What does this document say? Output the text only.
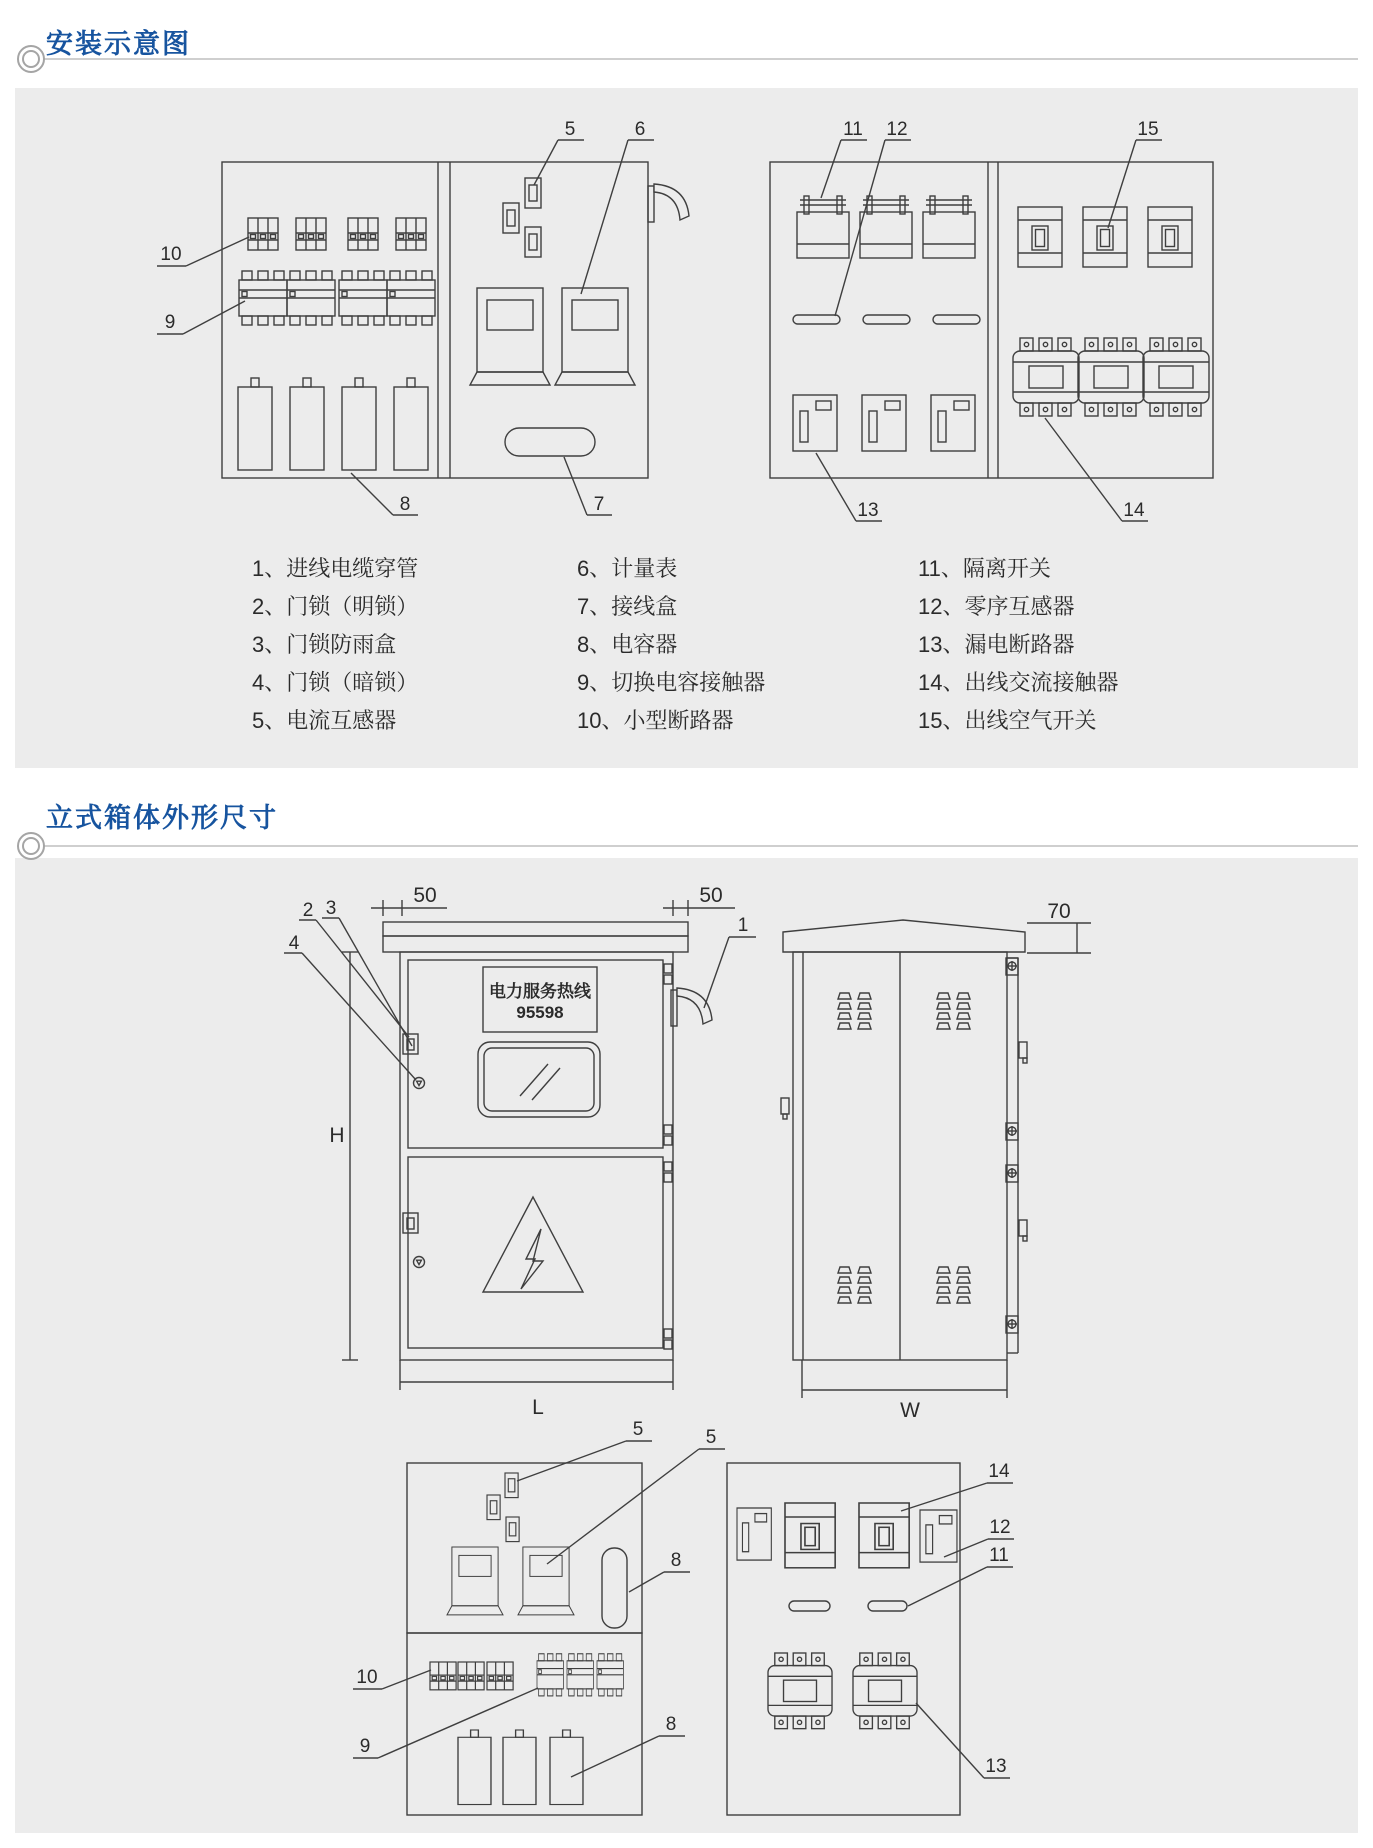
安装示意图
5	6
10
9
8	7
11 12	15
13	14
1、进线电缆穿管
2、门锁（明锁）
3、门锁防雨盒
4、门锁（暗锁）
5、电流互感器
6、计量表
7、接线盒
8、电容器
9、切换电容接触器
10、小型断路器
11、隔离开关
12、零序互感器
13、漏电断路器
14、出线交流接触器
15、出线空气开关
立式箱体外形尺寸
电力服务热线
95598
50	50
H
L
2 3
4
1
70
W
5	5
8
10
9
8
14
12
11
13
